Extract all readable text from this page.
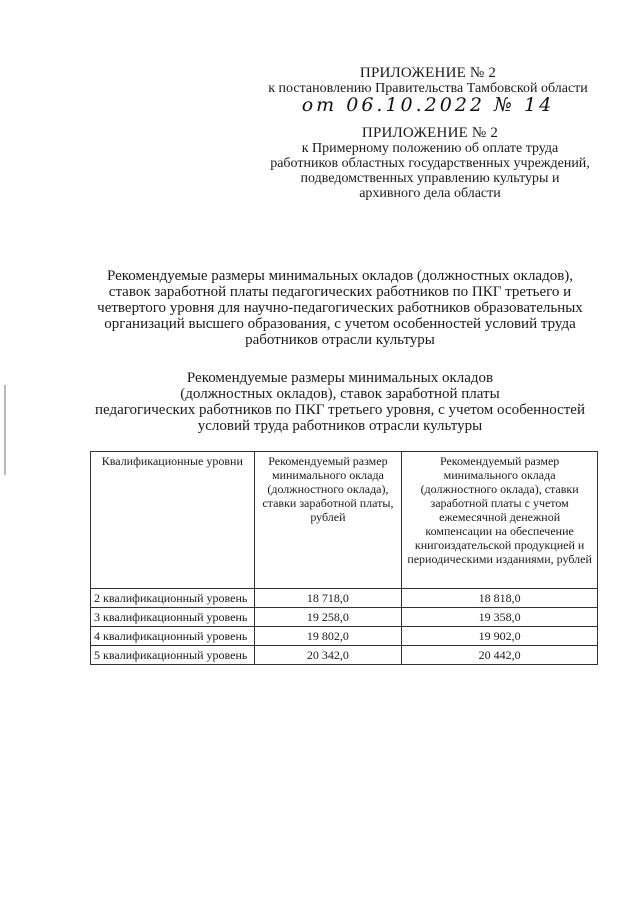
ПРИЛОЖЕНИЕ № 2
к постановлению Правительства Тамбовской области
от 06.10.2022 № 14
ПРИЛОЖЕНИЕ № 2
к Примерному положению об оплате труда
работников областных государственных учреждений,
подведомственных управлению культуры и
архивного дела области
Рекомендуемые размеры минимальных окладов (должностных окладов),
ставок заработной платы педагогических работников по ПКГ третьего и
четвертого уровня для научно-педагогических работников образовательных
организаций высшего образования, с учетом особенностей условий труда
работников отрасли культуры
Рекомендуемые размеры минимальных окладов
(должностных окладов), ставок заработной платы
педагогических работников по ПКГ третьего уровня, с учетом особенностей
условий труда работников отрасли культуры
Квалификационные уровни	Рекомендуемый размер минимального оклада (должностного оклада), ставки заработной платы, рублей	Рекомендуемый размер минимального оклада (должностного оклада), ставки заработной платы с учетом ежемесячной денежной компенсации на обеспечение книгоиздательской продукцией и периодическими изданиями, рублей
2 квалификационный уровень	18 718,0	18 818,0
3 квалификационный уровень	19 258,0	19 358,0
4 квалификационный уровень	19 802,0	19 902,0
5 квалификационный уровень	20 342,0	20 442,0
